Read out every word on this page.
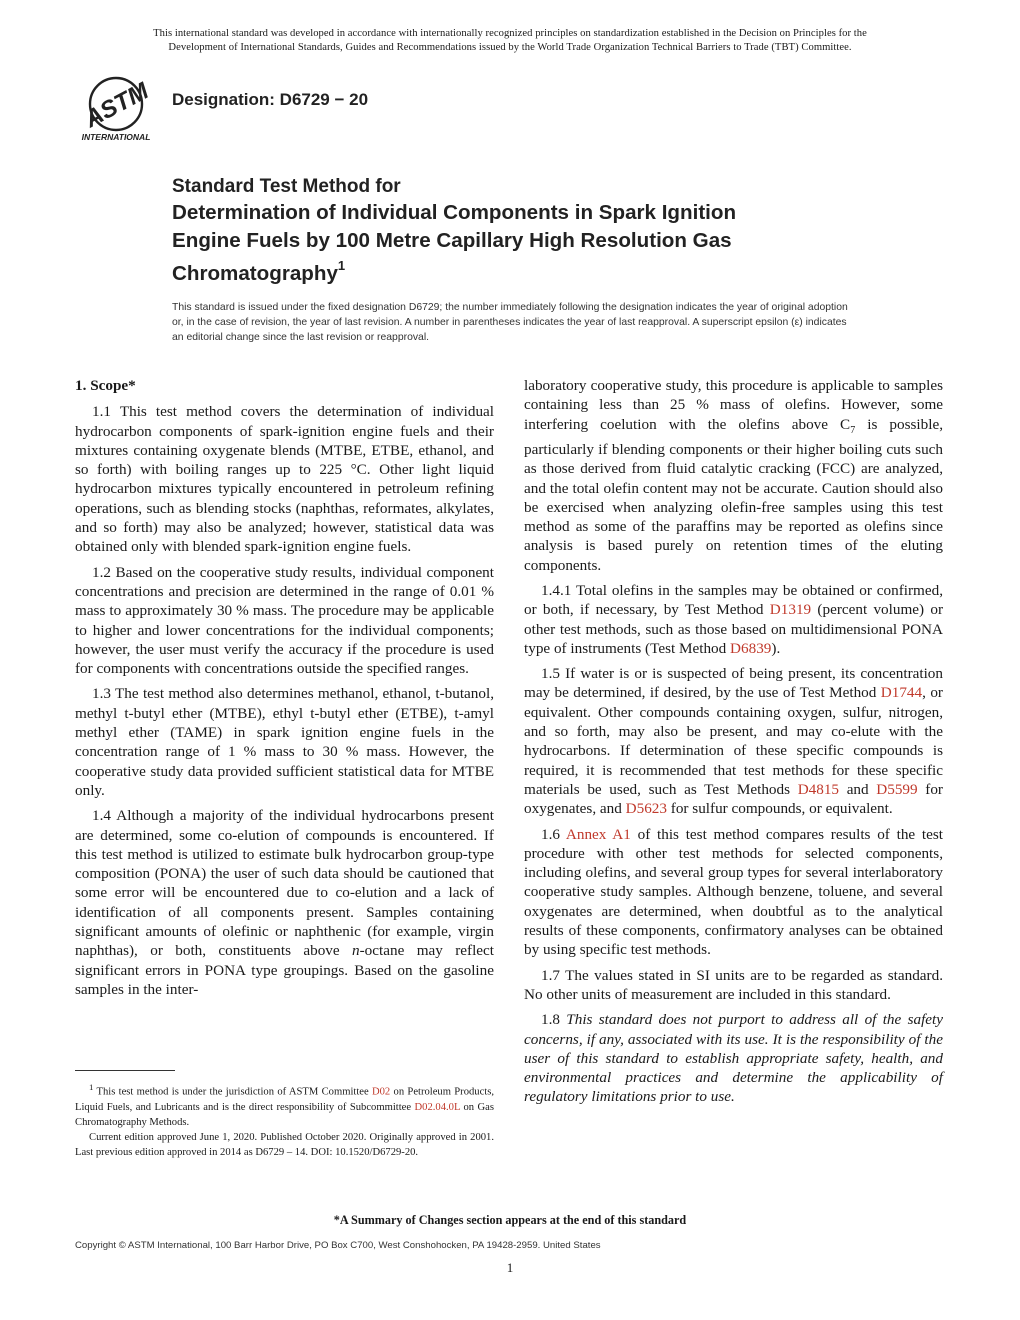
This international standard was developed in accordance with internationally recognized principles on standardization established in the Decision on Principles for the
Development of International Standards, Guides and Recommendations issued by the World Trade Organization Technical Barriers to Trade (TBT) Committee.
ASTM
INTERNATIONAL
Designation: D6729 − 20
Standard Test Method for
Determination of Individual Components in Spark Ignition
Engine Fuels by 100 Metre Capillary High Resolution Gas
Chromatography$^1$
This standard is issued under the fixed designation D6729; the number immediately following the designation indicates the year of original adoption or, in the case of revision, the year of last revision. A number in parentheses indicates the year of last reapproval. A superscript epsilon (ε) indicates an editorial change since the last revision or reapproval.
1. Scope*

1.1 This test method covers the determination of individual hydrocarbon components of spark-ignition engine fuels and their mixtures containing oxygenate blends (MTBE, ETBE, ethanol, and so forth) with boiling ranges up to 225 °C. Other light liquid hydrocarbon mixtures typically encountered in petroleum refining operations, such as blending stocks (naphthas, reformates, alkylates, and so forth) may also be analyzed; however, statistical data was obtained only with blended spark-ignition engine fuels.

1.2 Based on the cooperative study results, individual component concentrations and precision are determined in the range of 0.01 % mass to approximately 30 % mass. The procedure may be applicable to higher and lower concentrations for the individual components; however, the user must verify the accuracy if the procedure is used for components with concentrations outside the specified ranges.

1.3 The test method also determines methanol, ethanol, t-butanol, methyl t-butyl ether (MTBE), ethyl t-butyl ether (ETBE), t-amyl methyl ether (TAME) in spark ignition engine fuels in the concentration range of 1 % mass to 30 % mass. However, the cooperative study data provided sufficient statistical data for MTBE only.

1.4 Although a majority of the individual hydrocarbons present are determined, some co-elution of compounds is encountered. If this test method is utilized to estimate bulk hydrocarbon group-type composition (PONA) the user of such data should be cautioned that some error will be encountered due to co-elution and a lack of identification of all components present. Samples containing significant amounts of olefinic or naphthenic (for example, virgin naphthas), or both, constituents above n-octane may reflect significant errors in PONA type groupings. Based on the gasoline samples in the inter-

laboratory cooperative study, this procedure is applicable to samples containing less than 25 % mass of olefins. However, some interfering coelution with the olefins above $C_7$ is possible, particularly if blending components or their higher boiling cuts such as those derived from fluid catalytic cracking (FCC) are analyzed, and the total olefin content may not be accurate. Caution should also be exercised when analyzing olefin-free samples using this test method as some of the paraffins may be reported as olefins since analysis is based purely on retention times of the eluting components.

1.4.1 Total olefins in the samples may be obtained or confirmed, or both, if necessary, by Test Method D1319 (percent volume) or other test methods, such as those based on multidimensional PONA type of instruments (Test Method D6839).

1.5 If water is or is suspected of being present, its concentration may be determined, if desired, by the use of Test Method D1744, or equivalent. Other compounds containing oxygen, sulfur, nitrogen, and so forth, may also be present, and may co-elute with the hydrocarbons. If determination of these specific compounds is required, it is recommended that test methods for these specific materials be used, such as Test Methods D4815 and D5599 for oxygenates, and D5623 for sulfur compounds, or equivalent.

1.6 Annex A1 of this test method compares results of the test procedure with other test methods for selected components, including olefins, and several group types for several interlaboratory cooperative study samples. Although benzene, toluene, and several oxygenates are determined, when doubtful as to the analytical results of these components, confirmatory analyses can be obtained by using specific test methods.

1.7 The values stated in SI units are to be regarded as standard. No other units of measurement are included in this standard.

1.8 This standard does not purport to address all of the safety concerns, if any, associated with its use. It is the responsibility of the user of this standard to establish appropriate safety, health, and environmental practices and determine the applicability of regulatory limitations prior to use.

$^1$ This test method is under the jurisdiction of ASTM Committee D02 on Petroleum Products, Liquid Fuels, and Lubricants and is the direct responsibility of Subcommittee D02.04.0L on Gas Chromatography Methods.

Current edition approved June 1, 2020. Published October 2020. Originally approved in 2001. Last previous edition approved in 2014 as D6729 – 14. DOI: 10.1520/D6729-20.

*A Summary of Changes section appears at the end of this standard
Copyright © ASTM International, 100 Barr Harbor Drive, PO Box C700, West Conshohocken, PA 19428-2959. United States
1
